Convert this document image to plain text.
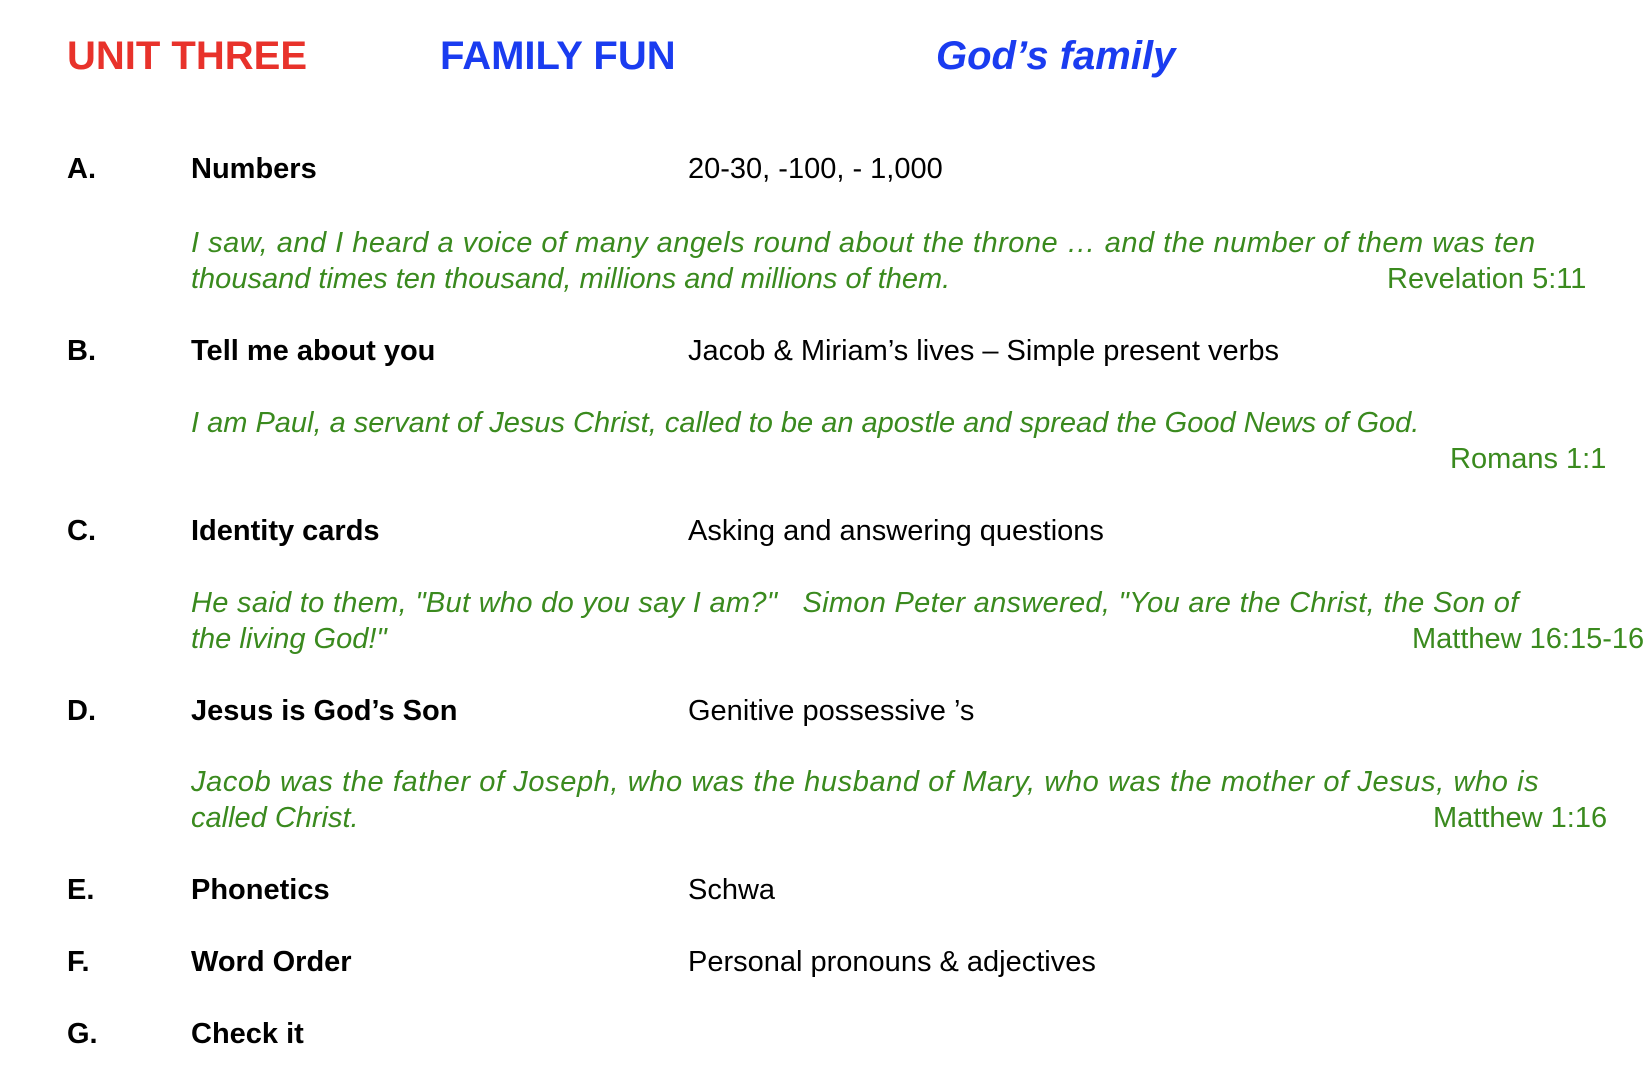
UNIT THREE	FAMILY FUN	God’s family
A.	Numbers	20-30, -100, - 1,000
I saw, and I heard a voice of many angels round about the throne … and the number of them was ten
thousand times ten thousand, millions and millions of them.	Revelation 5:11
B.	Tell me about you	Jacob & Miriam’s lives – Simple present verbs
I am Paul, a servant of Jesus Christ, called to be an apostle and spread the Good News of God.
Romans 1:1
C.	Identity cards	Asking and answering questions
He said to them, "But who do you say I am?"   Simon Peter answered, "You are the Christ, the Son of
the living God!"	Matthew 16:15-16
D.	Jesus is God’s Son	Genitive possessive ’s
Jacob was the father of Joseph, who was the husband of Mary, who was the mother of Jesus, who is
called Christ.	Matthew 1:16
E.	Phonetics	Schwa
F.	Word Order	Personal pronouns & adjectives
G.	Check it
